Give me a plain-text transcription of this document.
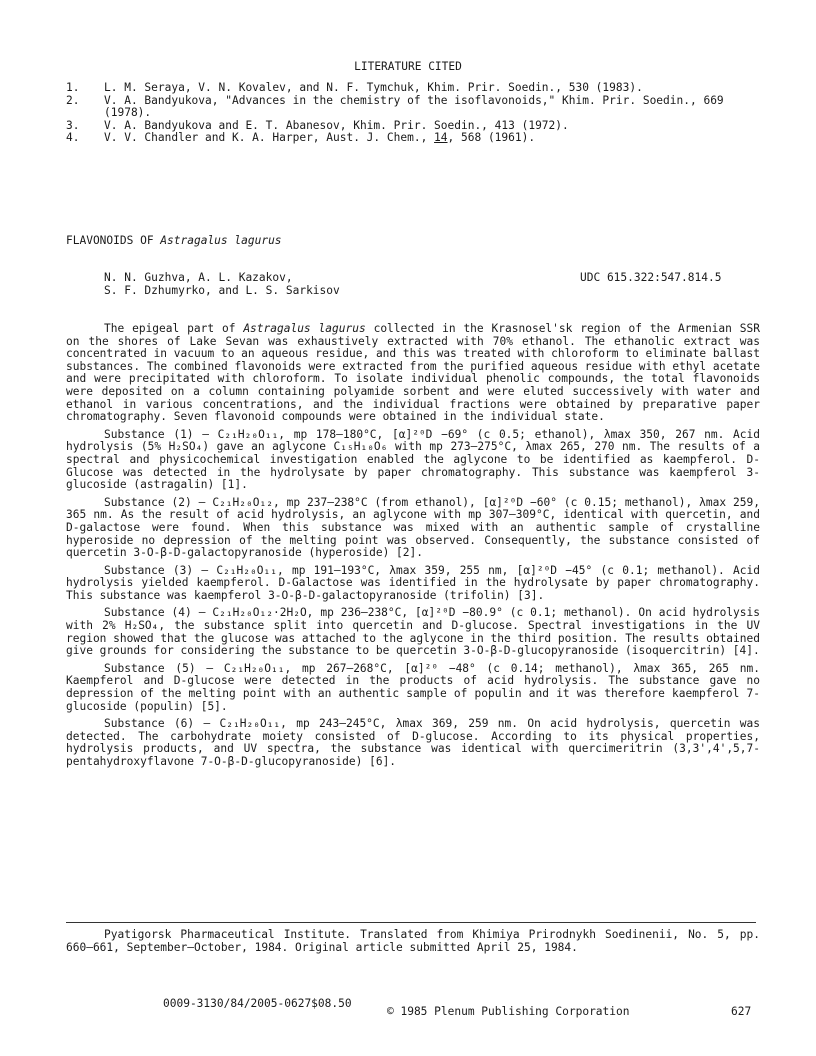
LITERATURE CITED
1.	L. M. Seraya, V. N. Kovalev, and N. F. Tymchuk, Khim. Prir. Soedin., 530 (1983).
2.	V. A. Bandyukova, "Advances in the chemistry of the isoflavonoids," Khim. Prir. Soedin., 669 (1978).
3.	V. A. Bandyukova and E. T. Abanesov, Khim. Prir. Soedin., 413 (1972).
4.	V. V. Chandler and K. A. Harper, Aust. J. Chem., 14, 568 (1961).
FLAVONOIDS OF Astragalus lagurus
N. N. Guzhva, A. L. Kazakov,
S. F. Dzhumyrko, and L. S. Sarkisov
UDC 615.322:547.814.5

The epigeal part of Astragalus lagurus collected in the Krasnosel'sk region of the Armenian SSR on the shores of Lake Sevan was exhaustively extracted with 70% ethanol. The ethanolic extract was concentrated in vacuum to an aqueous residue, and this was treated with chloroform to eliminate ballast substances. The combined flavonoids were extracted from the purified aqueous residue with ethyl acetate and were precipitated with chloroform. To isolate individual phenolic compounds, the total flavonoids were deposited on a column containing polyamide sorbent and were eluted successively with water and ethanol in various concentrations, and the individual fractions were obtained by preparative paper chromatography. Seven flavonoid compounds were obtained in the individual state.

Substance (1) — C₂₁H₂₀O₁₁, mp 178–180°C, [α]²⁰D −69° (c 0.5; ethanol), λmax 350, 267 nm. Acid hydrolysis (5% H₂SO₄) gave an aglycone C₁₅H₁₀O₆ with mp 273–275°C, λmax 265, 270 nm. The results of a spectral and physicochemical investigation enabled the aglycone to be identified as kaempferol. D-Glucose was detected in the hydrolysate by paper chromatography. This substance was kaempferol 3-glucoside (astragalin) [1].

Substance (2) — C₂₁H₂₀O₁₂, mp 237–238°C (from ethanol), [α]²⁰D −60° (c 0.15; methanol), λmax 259, 365 nm. As the result of acid hydrolysis, an aglycone with mp 307–309°C, identical with quercetin, and D-galactose were found. When this substance was mixed with an authentic sample of crystalline hyperoside no depression of the melting point was observed. Consequently, the substance consisted of quercetin 3-O-β-D-galactopyranoside (hyperoside) [2].

Substance (3) — C₂₁H₂₀O₁₁, mp 191–193°C, λmax 359, 255 nm, [α]²⁰D −45° (c 0.1; methanol). Acid hydrolysis yielded kaempferol. D-Galactose was identified in the hydrolysate by paper chromatography. This substance was kaempferol 3-O-β-D-galactopyranoside (trifolin) [3].

Substance (4) — C₂₁H₂₀O₁₂·2H₂O, mp 236–238°C, [α]²⁰D −80.9° (c 0.1; methanol). On acid hydrolysis with 2% H₂SO₄, the substance split into quercetin and D-glucose. Spectral investigations in the UV region showed that the glucose was attached to the aglycone in the third position. The results obtained give grounds for considering the substance to be quercetin 3-O-β-D-glucopyranoside (isoquercitrin) [4].

Substance (5) — C₂₁H₂₀O₁₁, mp 267–268°C, [α]²⁰ −48° (c 0.14; methanol), λmax 365, 265 nm. Kaempferol and D-glucose were detected in the products of acid hydrolysis. The substance gave no depression of the melting point with an authentic sample of populin and it was therefore kaempferol 7-glucoside (populin) [5].

Substance (6) — C₂₁H₂₀O₁₁, mp 243–245°C, λmax 369, 259 nm. On acid hydrolysis, quercetin was detected. The carbohydrate moiety consisted of D-glucose. According to its physical properties, hydrolysis products, and UV spectra, the substance was identical with quercimeritrin (3,3',4',5,7-pentahydroxyflavone 7-O-β-D-glucopyranoside) [6].

Pyatigorsk Pharmaceutical Institute. Translated from Khimiya Prirodnykh Soedinenii, No. 5, pp. 660–661, September–October, 1984. Original article submitted April 25, 1984.
0009-3130/84/2005-0627$08.50
© 1985 Plenum Publishing Corporation	627
